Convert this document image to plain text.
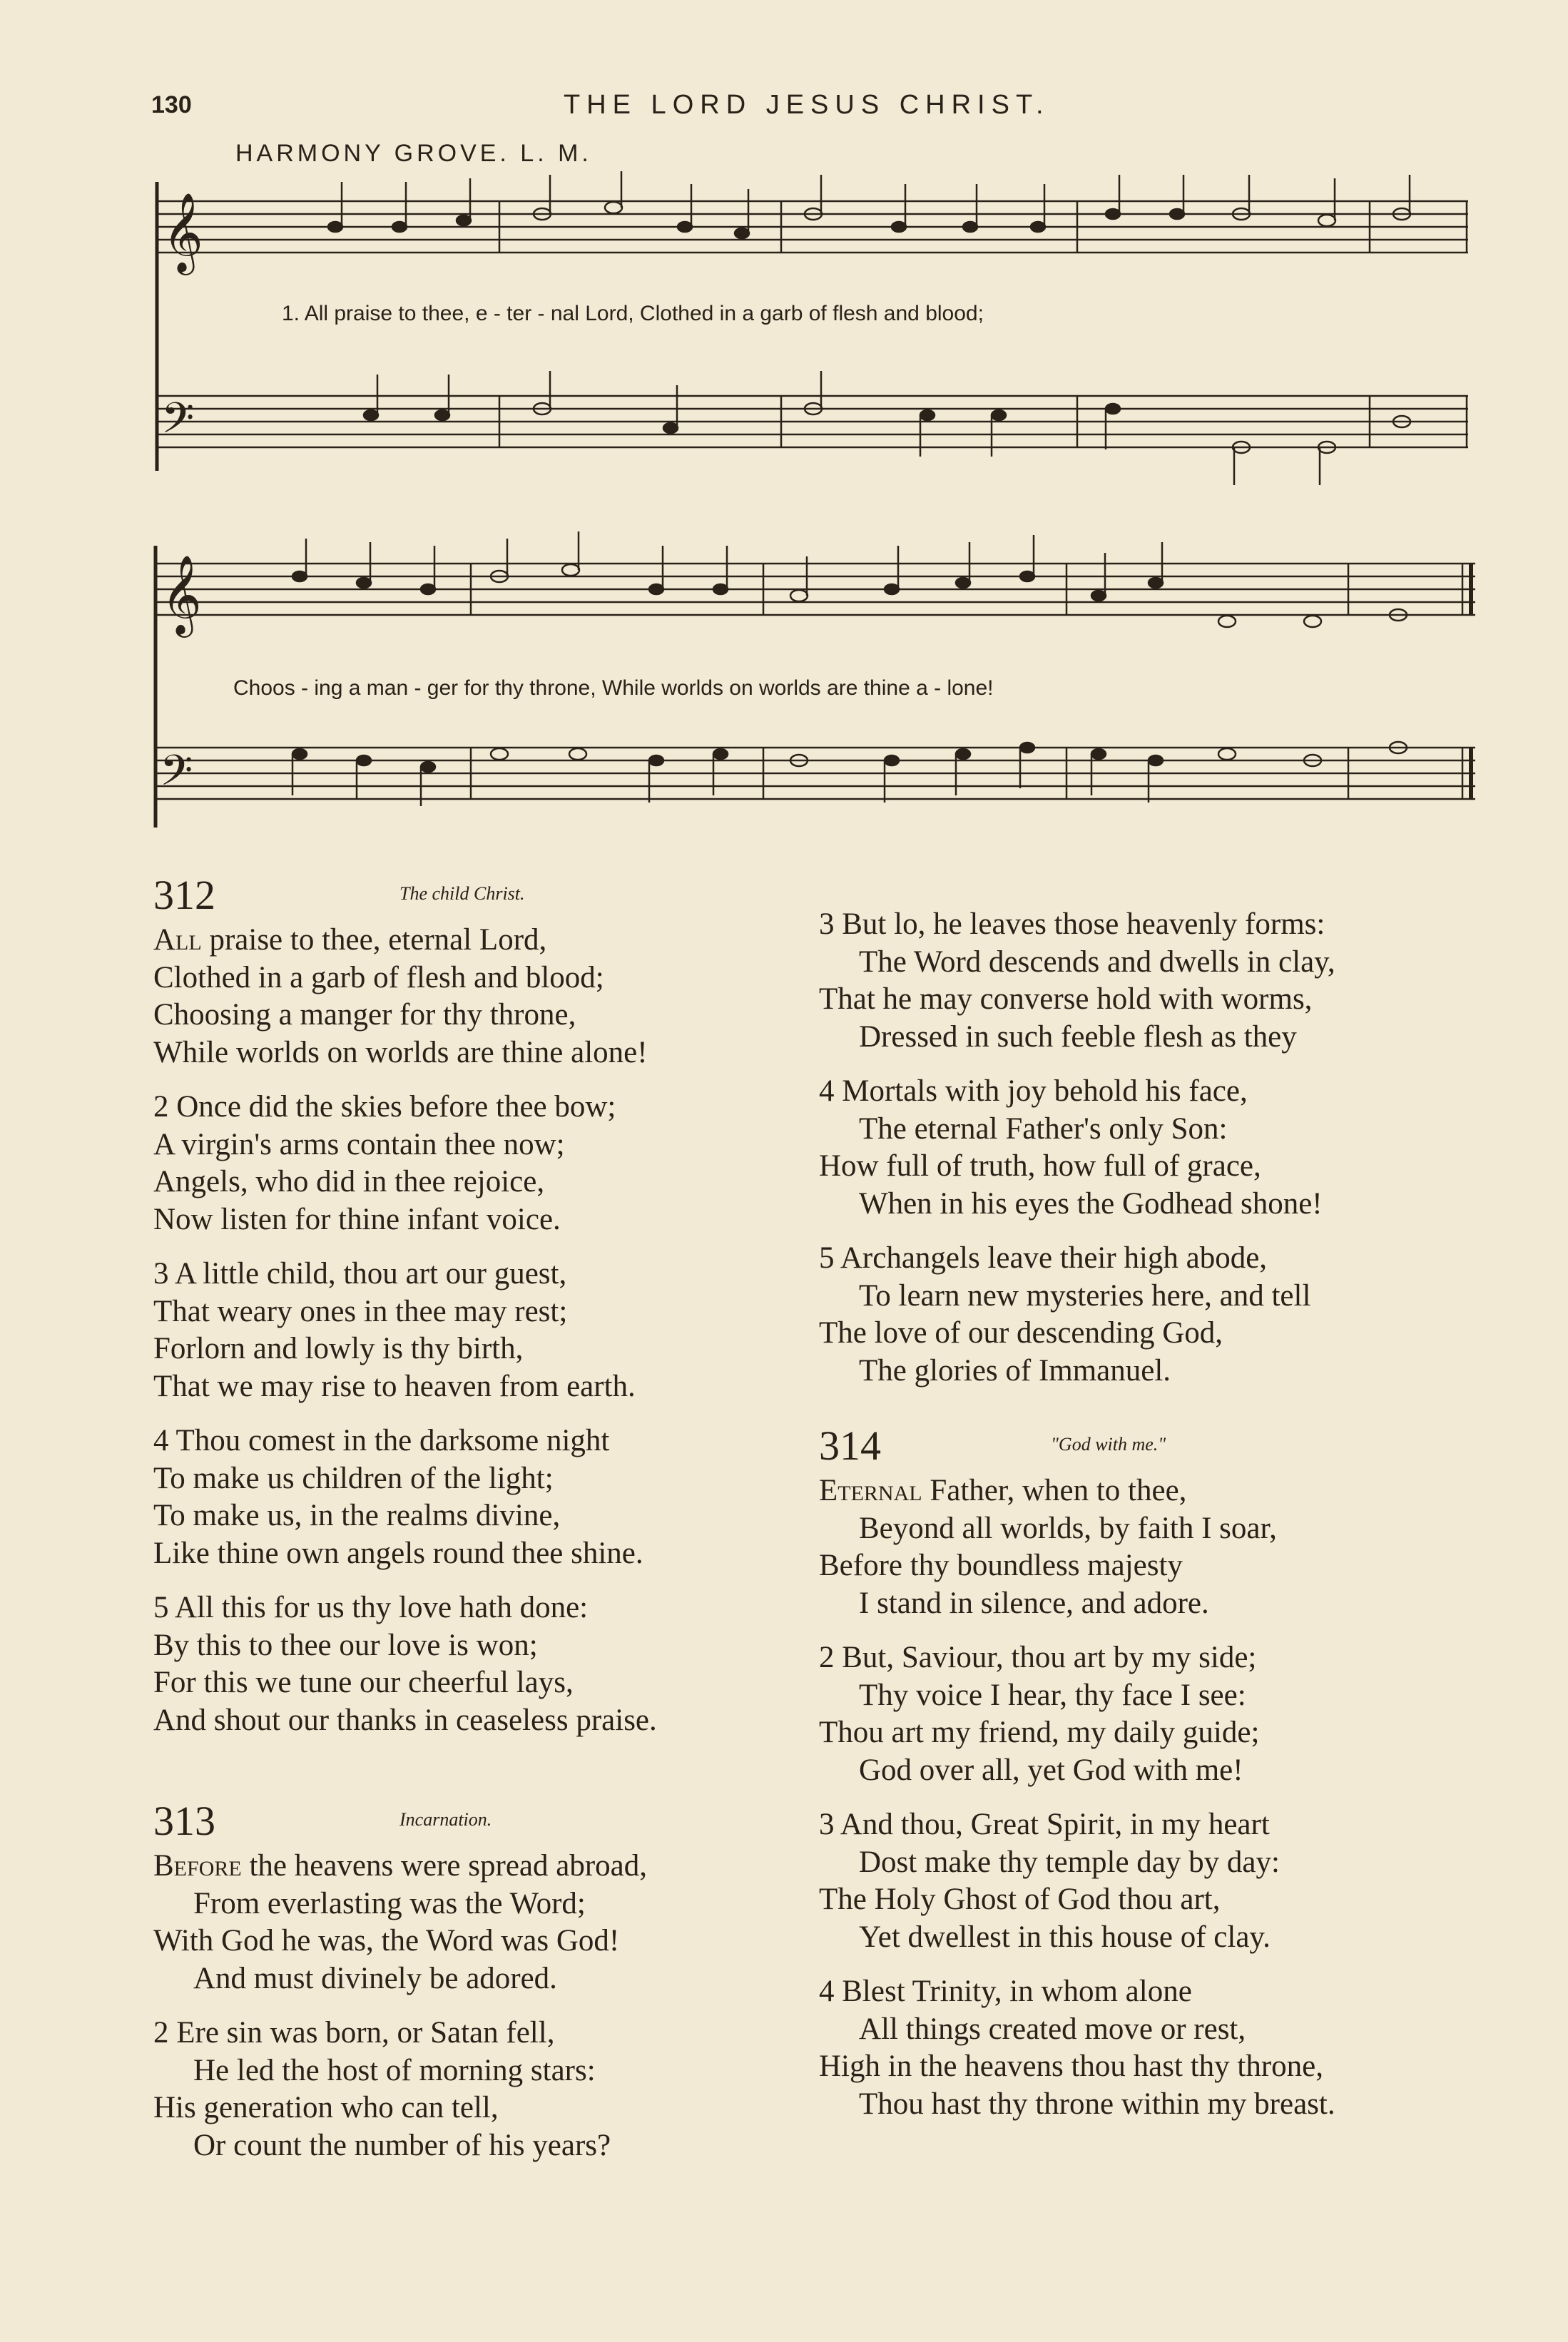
130	THE LORD JESUS CHRIST.
HARMONY GROVE. L. M.
𝄞
𝄢
𝄞
𝄢
1. All praise to thee, e - ter - nal Lord, Clothed in a garb of flesh and blood;
Choos - ing a man - ger for thy throne, While worlds on worlds are thine a - lone!
312	The child Christ.
All praise to thee, eternal Lord,
Clothed in a garb of flesh and blood;
Choosing a manger for thy throne,
While worlds on worlds are thine alone!
2 Once did the skies before thee bow;
A virgin's arms contain thee now;
Angels, who did in thee rejoice,
Now listen for thine infant voice.
3 A little child, thou art our guest,
That weary ones in thee may rest;
Forlorn and lowly is thy birth,
That we may rise to heaven from earth.
4 Thou comest in the darksome night
To make us children of the light;
To make us, in the realms divine,
Like thine own angels round thee shine.
5 All this for us thy love hath done:
By this to thee our love is won;
For this we tune our cheerful lays,
And shout our thanks in ceaseless praise.
313	Incarnation.
Before the heavens were spread abroad,
From everlasting was the Word;
With God he was, the Word was God!
And must divinely be adored.
2 Ere sin was born, or Satan fell,
He led the host of morning stars:
His generation who can tell,
Or count the number of his years?
3 But lo, he leaves those heavenly forms:
The Word descends and dwells in clay,
That he may converse hold with worms,
Dressed in such feeble flesh as they
4 Mortals with joy behold his face,
The eternal Father's only Son:
How full of truth, how full of grace,
When in his eyes the Godhead shone!
5 Archangels leave their high abode,
To learn new mysteries here, and tell
The love of our descending God,
The glories of Immanuel.
314	"God with me."
Eternal Father, when to thee,
Beyond all worlds, by faith I soar,
Before thy boundless majesty
I stand in silence, and adore.
2 But, Saviour, thou art by my side;
Thy voice I hear, thy face I see:
Thou art my friend, my daily guide;
God over all, yet God with me!
3 And thou, Great Spirit, in my heart
Dost make thy temple day by day:
The Holy Ghost of God thou art,
Yet dwellest in this house of clay.
4 Blest Trinity, in whom alone
All things created move or rest,
High in the heavens thou hast thy throne,
Thou hast thy throne within my breast.
